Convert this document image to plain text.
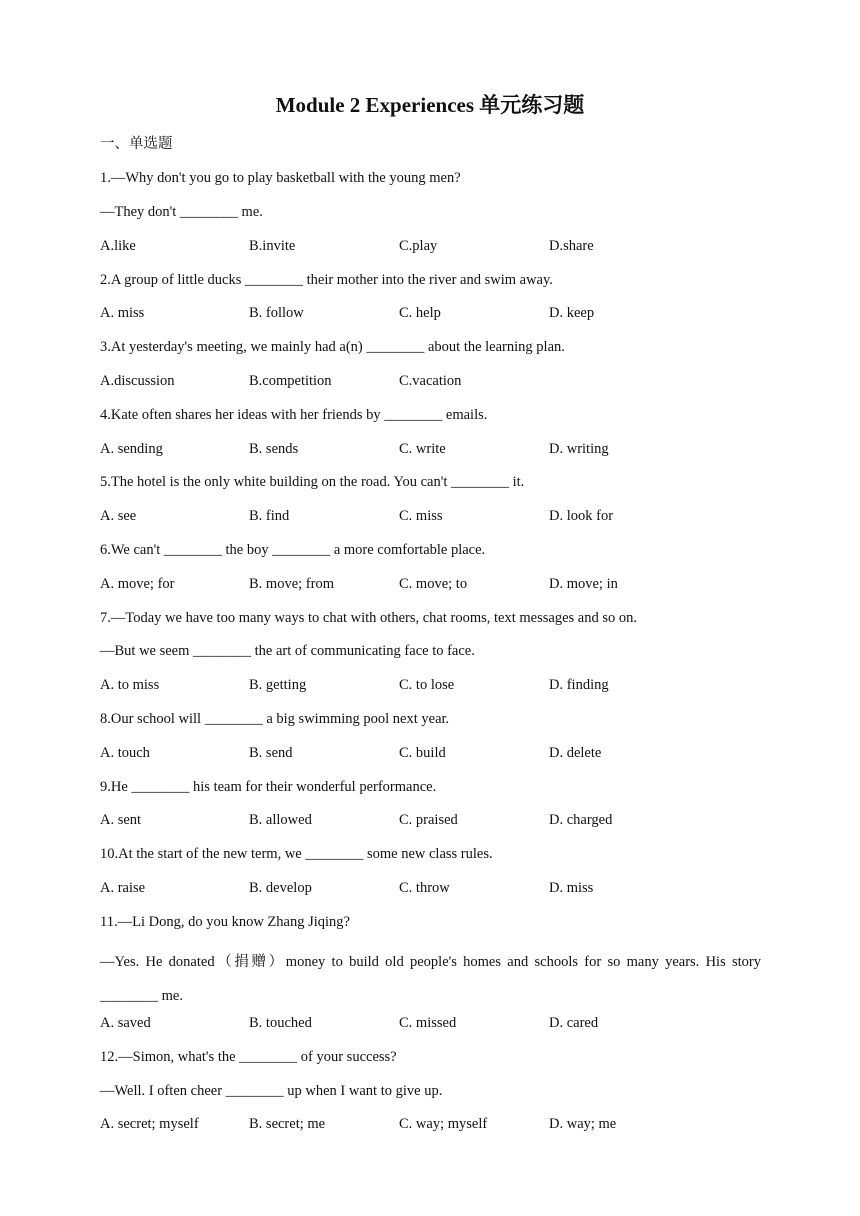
Module 2 Experiences 单元练习题
一、单选题
1.—Why don't you go to play basketball with the young men?
—They don't ________ me.
A.like	B.invite	C.play	D.share
2.A group of little ducks ________ their mother into the river and swim away.
A. miss	B. follow	C. help	D. keep
3.At yesterday's meeting, we mainly had a(n) ________ about the learning plan.
A.discussion	B.competition	C.vacation
4.Kate often shares her ideas with her friends by ________ emails.
A. sending	B. sends	C. write	D. writing
5.The hotel is the only white building on the road. You can't ________ it.
A. see	B. find	C. miss	D. look for
6.We can't ________ the boy ________ a more comfortable place.
A. move; for	B. move; from	C. move; to	D. move; in
7.—Today we have too many ways to chat with others, chat rooms, text messages and so on.
—But we seem ________ the art of communicating face to face.
A. to miss	B. getting	C. to lose	D. finding
8.Our school will ________ a big swimming pool next year.
A. touch	B. send	C. build	D. delete
9.He ________ his team for their wonderful performance.
A. sent	B. allowed	C. praised	D. charged
10.At the start of the new term, we ________ some new class rules.
A. raise	B. develop	C. throw	D. miss
11.—Li Dong, do you know Zhang Jiqing?
—Yes. He donated（捐赠）money to build old people's homes and schools for so many years. His story ________ me.
A. saved	B. touched	C. missed	D. cared
12.—Simon, what's the ________ of your success?
—Well. I often cheer ________ up when I want to give up.
A. secret; myself	B. secret; me	C. way; myself	D. way; me
